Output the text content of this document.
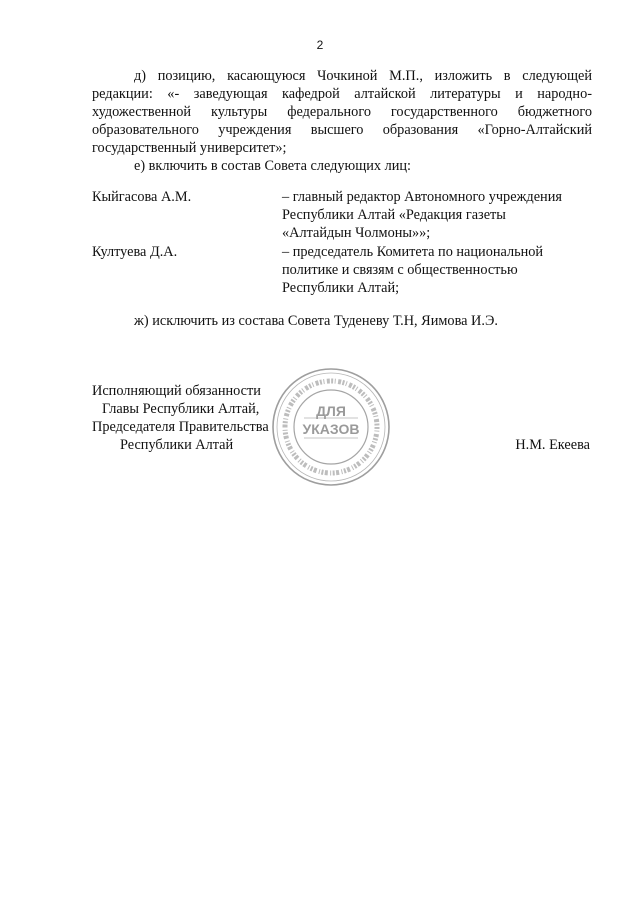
2
д) позицию, касающуюся Чочкиной М.П., изложить в следующей редакции: «- заведующая кафедрой алтайской литературы и народно-художественной культуры федерального государственного бюджетного образовательного учреждения высшего образования «Горно-Алтайский государственный университет»;
е) включить в состав Совета следующих лиц:
Кыйгасова А.М.	– главный редактор Автономного учреждения
Республики Алтай «Редакция газеты
«Алтайдын Чолмоны»»;
Култуева Д.А.	– председатель Комитета по национальной
политике и связям с общественностью
Республики Алтай;
ж) исключить из состава Совета Туденеву Т.Н, Яимова И.Э.
Исполняющий обязанности
Главы Республики Алтай,
Председателя Правительства
Республики Алтай	Н.М. Екеева
ДЛЯ
УКАЗОВ
